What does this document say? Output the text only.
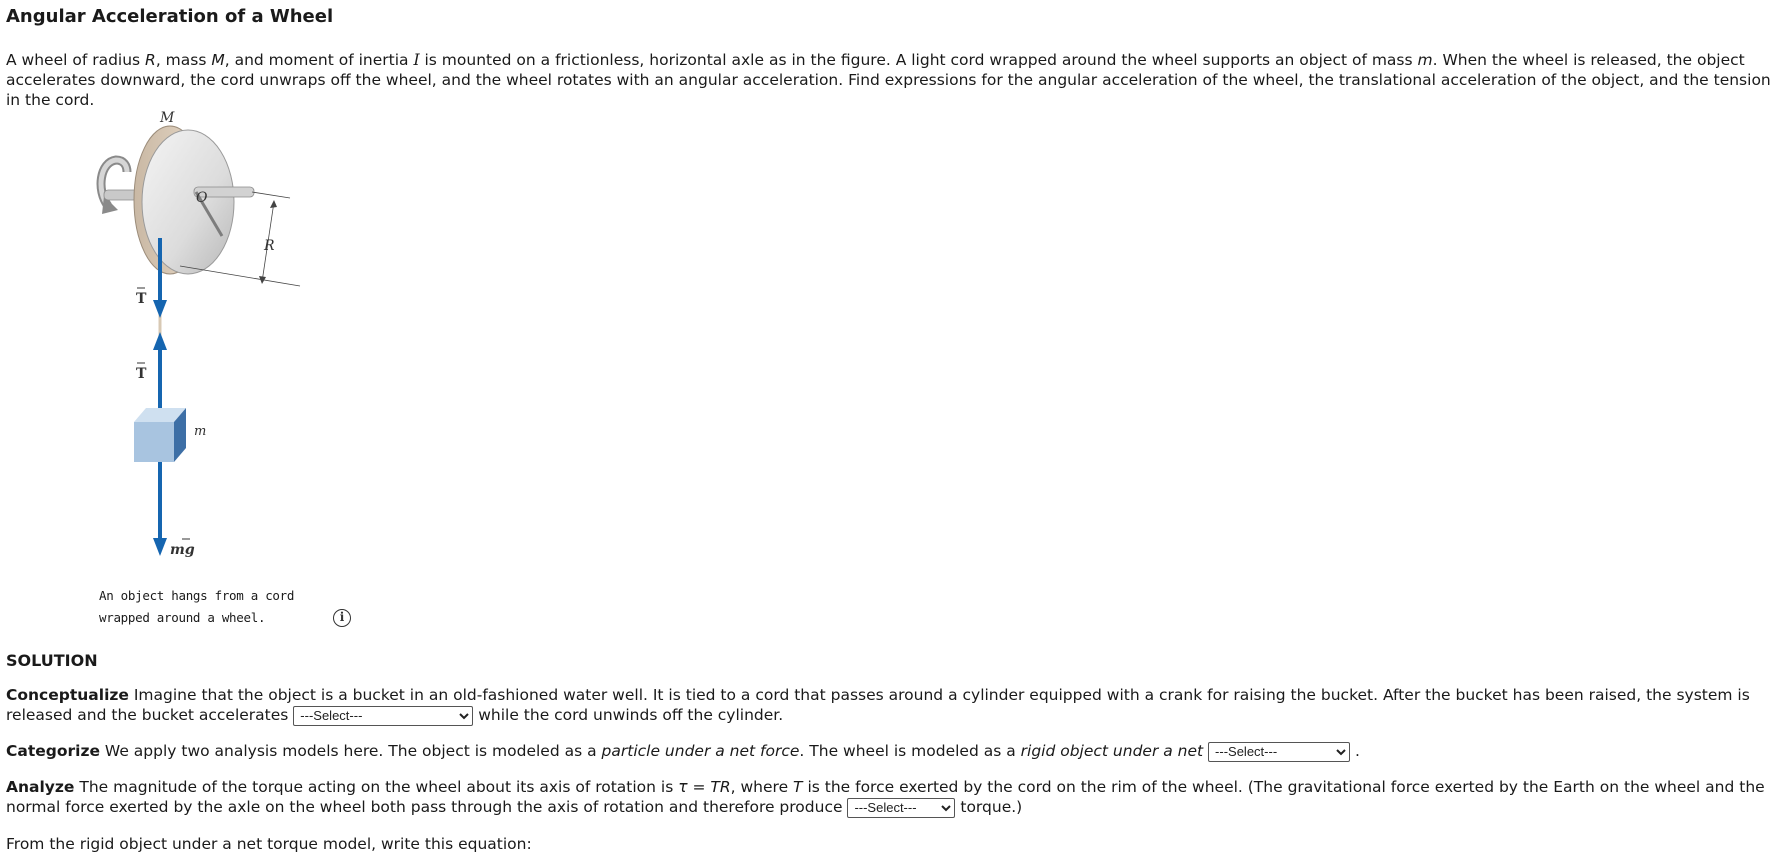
Angular Acceleration of a Wheel

A wheel of radius R, mass M, and moment of inertia I is mounted on a frictionless, horizontal axle as in the figure. A light cord wrapped around the wheel supports an object of mass m. When the wheel is released, the object accelerates downward, the cord unwraps off the wheel, and the wheel rotates with an angular acceleration. Find expressions for the angular acceleration of the wheel, the translational acceleration of the object, and the tension in the cord.

R
M
O
T
T
m
mg
An object hangs from a cord wrapped around a wheel.	i
SOLUTION

Conceptualize Imagine that the object is a bucket in an old-fashioned water well. It is tied to a cord that passes around a cylinder equipped with a crank for raising the bucket. After the bucket has been raised, the system is released and the bucket accelerates
---Select---	while the cord unwinds off the cylinder.

Categorize We apply two analysis models here. The object is modeled as a particle under a net force. The wheel is modeled as a rigid object under a net
---Select---	.

Analyze The magnitude of the torque acting on the wheel about its axis of rotation is τ = TR, where T is the force exerted by the cord on the rim of the wheel. (The gravitational force exerted by the Earth on the wheel and the normal force exerted by the axle on the wheel both pass through the axis of rotation and therefore produce
---Select---	torque.)

From the rigid object under a net torque model, write this equation:
